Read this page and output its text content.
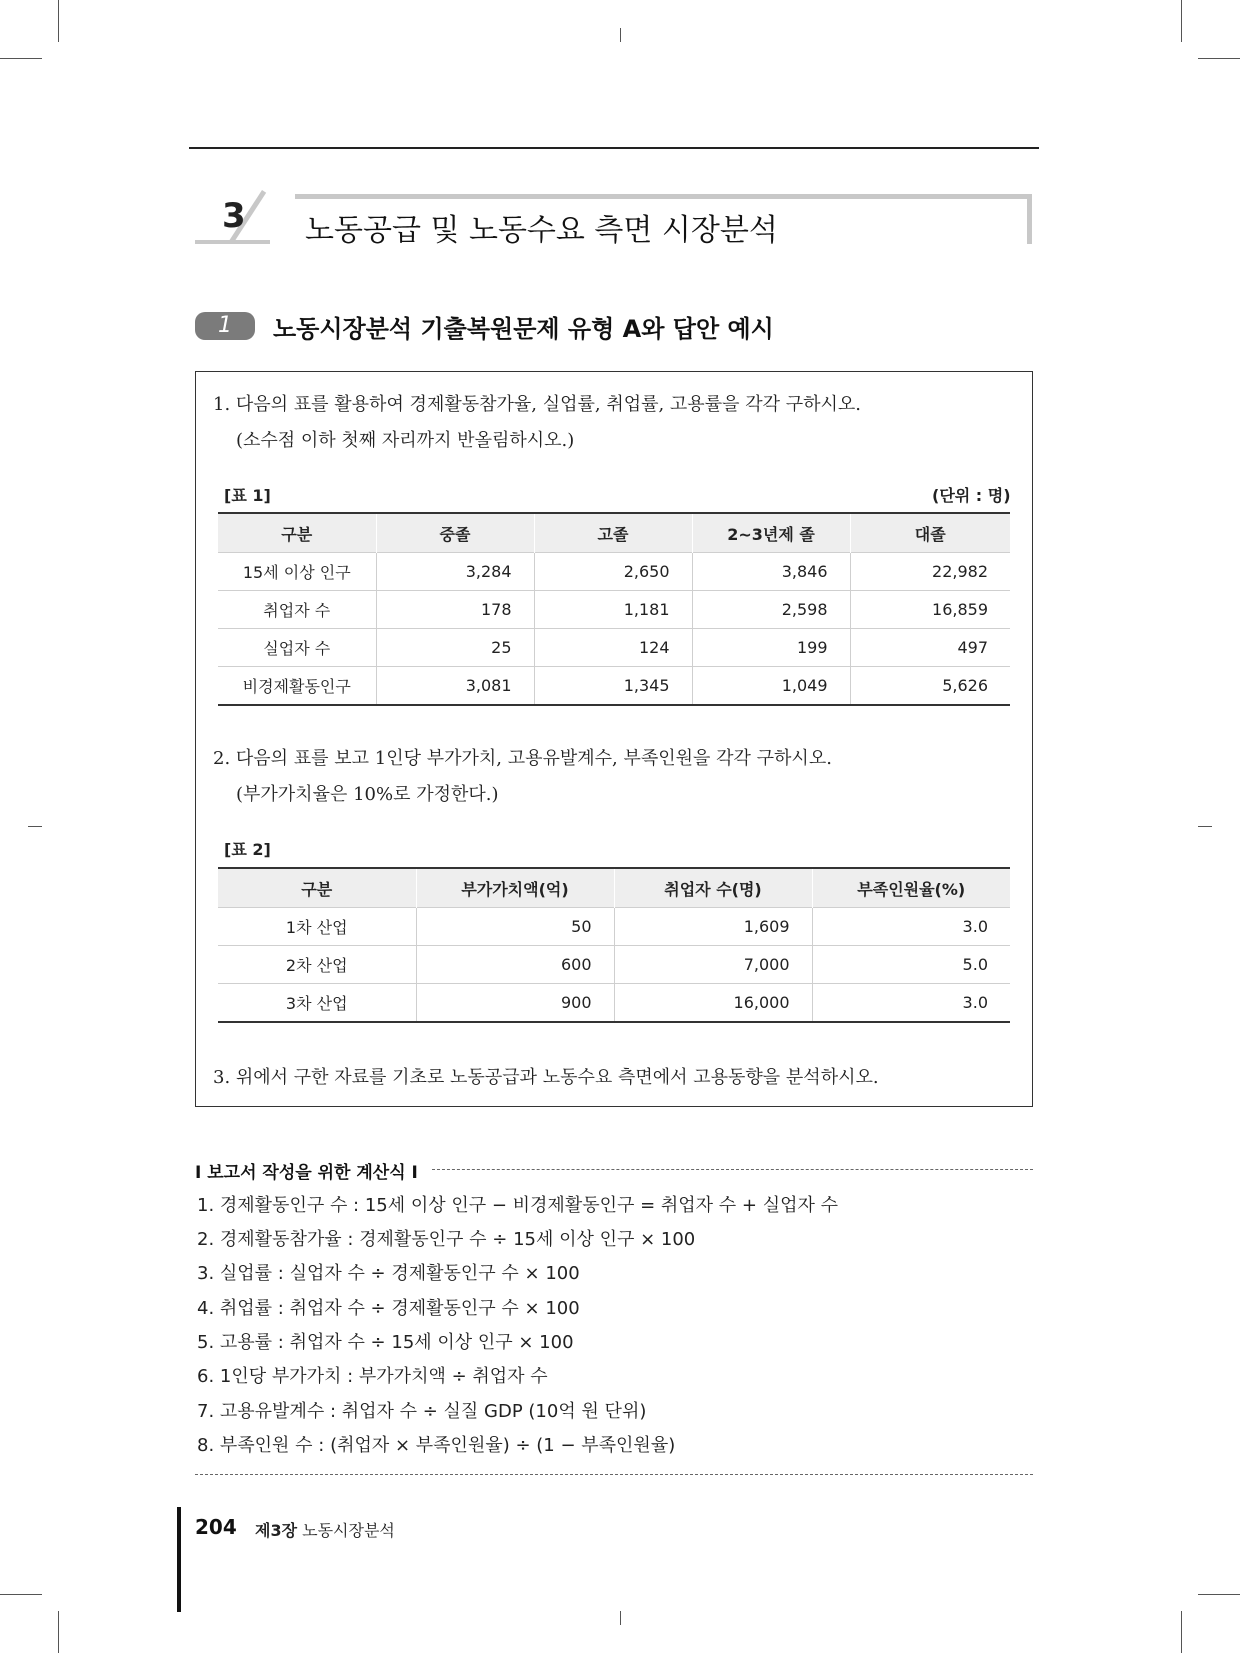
3 노동공급 및 노동수요 측면 시장분석
1	노동시장분석 기출복원문제 유형 A와 답안 예시
1. 다음의 표를 활용하여 경제활동참가율, 실업률, 취업률, 고용률을 각각 구하시오.
(소수점 이하 첫째 자리까지 반올림하시오.)
[표 1]	(단위 : 명)
구분	중졸	고졸	2~3년제 졸	대졸
15세 이상 인구	3,284	2,650	3,846	22,982
취업자 수	178	1,181	2,598	16,859
실업자 수	25	124	199	497
비경제활동인구	3,081	1,345	1,049	5,626
2. 다음의 표를 보고 1인당 부가가치, 고용유발계수, 부족인원을 각각 구하시오.
(부가가치율은 10%로 가정한다.)
[표 2]
구분	부가가치액(억)	취업자 수(명)	부족인원율(%)
1차 산업	50	1,609	3.0
2차 산업	600	7,000	5.0
3차 산업	900	16,000	3.0
3. 위에서 구한 자료를 기초로 노동공급과 노동수요 측면에서 고용동향을 분석하시오.
I 보고서 작성을 위한 계산식 I
1. 경제활동인구 수 : 15세 이상 인구 − 비경제활동인구 = 취업자 수 + 실업자 수
2. 경제활동참가율 : 경제활동인구 수 ÷ 15세 이상 인구 × 100
3. 실업률 : 실업자 수 ÷ 경제활동인구 수 × 100
4. 취업률 : 취업자 수 ÷ 경제활동인구 수 × 100
5. 고용률 : 취업자 수 ÷ 15세 이상 인구 × 100
6. 1인당 부가가치 : 부가가치액 ÷ 취업자 수
7. 고용유발계수 : 취업자 수 ÷ 실질 GDP (10억 원 단위)
8. 부족인원 수 : (취업자 × 부족인원율) ÷ (1 − 부족인원율)
204 제3장 노동시장분석
